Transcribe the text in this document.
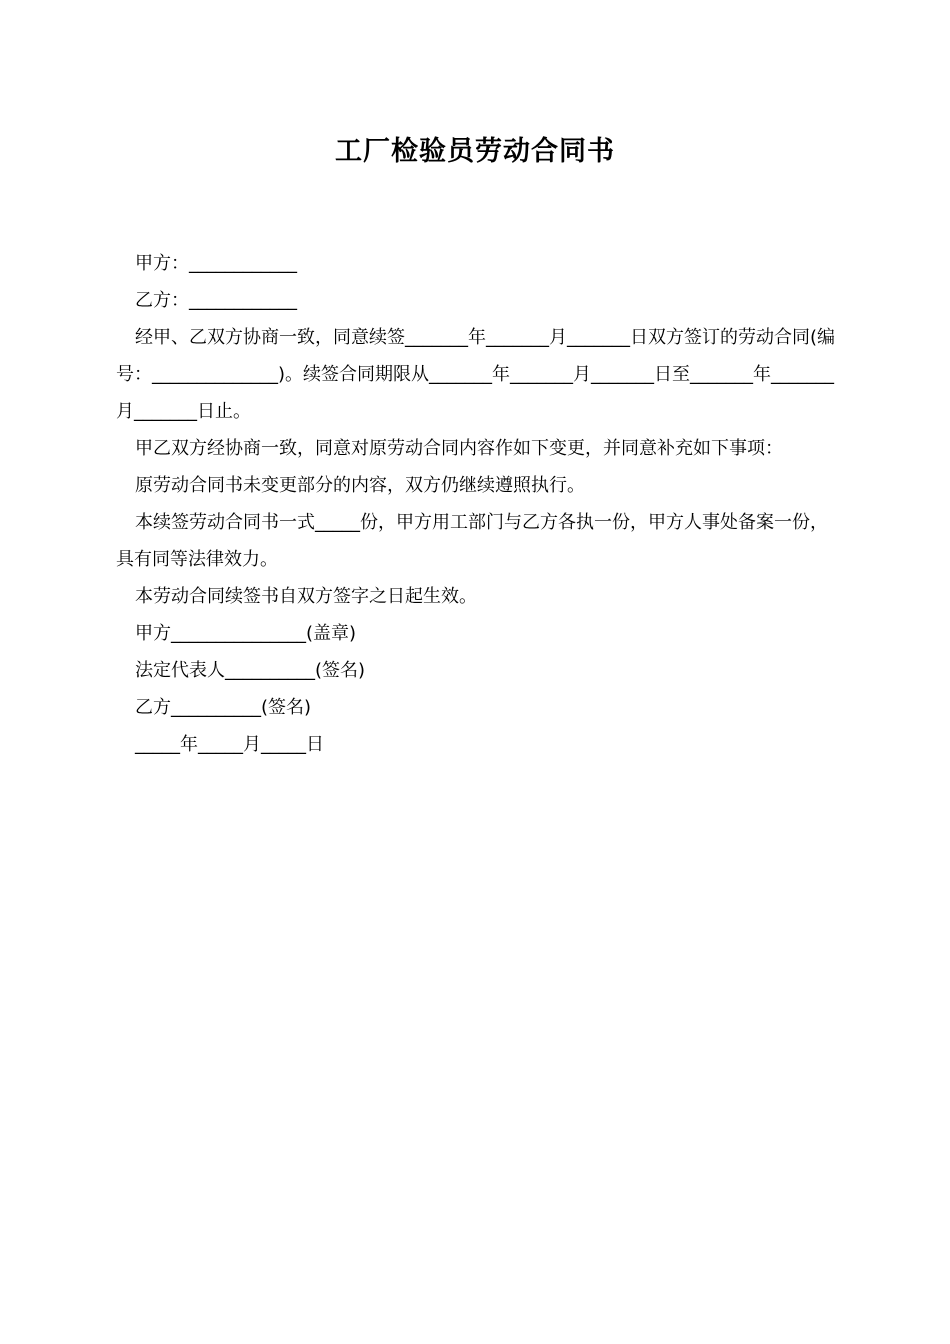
工厂检验员劳动合同书

甲方：____________

乙方：____________

经甲、乙双方协商一致，同意续签_______年_______月_______日双方签订的劳动合同(编号：______________)。续签合同期限从_______年_______月_______日至_______年_______月_______日止。

甲乙双方经协商一致，同意对原劳动合同内容作如下变更，并同意补充如下事项：

原劳动合同书未变更部分的内容，双方仍继续遵照执行。

本续签劳动合同书一式_____份，甲方用工部门与乙方各执一份，甲方人事处备案一份，具有同等法律效力。

本劳动合同续签书自双方签字之日起生效。

甲方_______________(盖章)

法定代表人__________(签名)

乙方__________(签名)

_____年_____月_____日
